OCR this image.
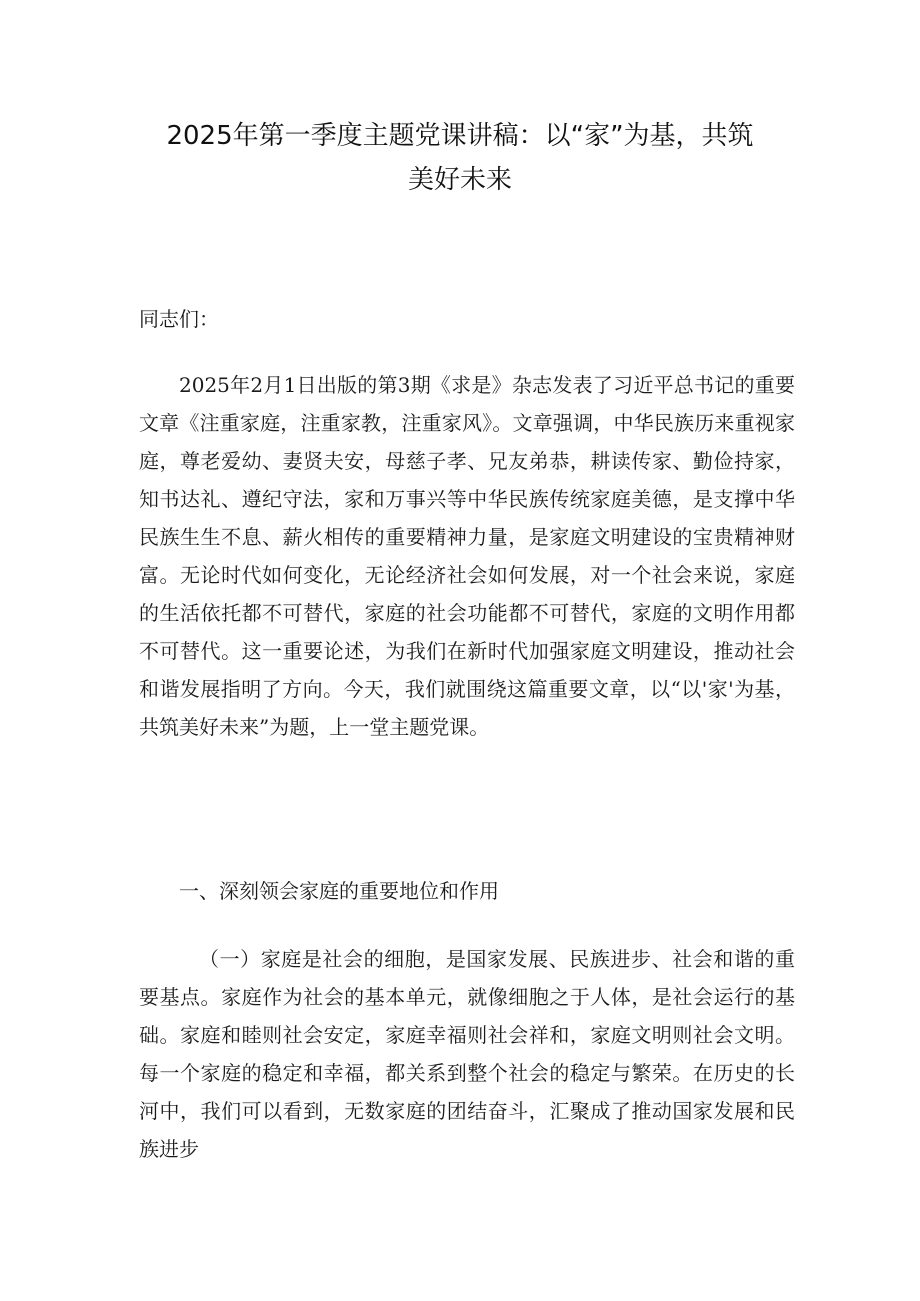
2025年第一季度主题党课讲稿：以“家”为基，共筑
美好未来

同志们：

2025年2月1日出版的第3期《求是》杂志发表了习近平总书记的重要文章《注重家庭，注重家教，注重家风》。文章强调，中华民族历来重视家庭，尊老爱幼、妻贤夫安，母慈子孝、兄友弟恭，耕读传家、勤俭持家，知书达礼、遵纪守法，家和万事兴等中华民族传统家庭美德，是支撑中华民族生生不息、薪火相传的重要精神力量，是家庭文明建设的宝贵精神财富。无论时代如何变化，无论经济社会如何发展，对一个社会来说，家庭的生活依托都不可替代，家庭的社会功能都不可替代，家庭的文明作用都不可替代。这一重要论述，为我们在新时代加强家庭文明建设，推动社会和谐发展指明了方向。今天，我们就围绕这篇重要文章，以“以'家'为基，共筑美好未来”为题，上一堂主题党课。

一、深刻领会家庭的重要地位和作用

（一）家庭是社会的细胞，是国家发展、民族进步、社会和谐的重要基点。家庭作为社会的基本单元，就像细胞之于人体，是社会运行的基础。家庭和睦则社会安定，家庭幸福则社会祥和，家庭文明则社会文明。每一个家庭的稳定和幸福，都关系到整个社会的稳定与繁荣。在历史的长河中，我们可以看到，无数家庭的团结奋斗，汇聚成了推动国家发展和民族进步
